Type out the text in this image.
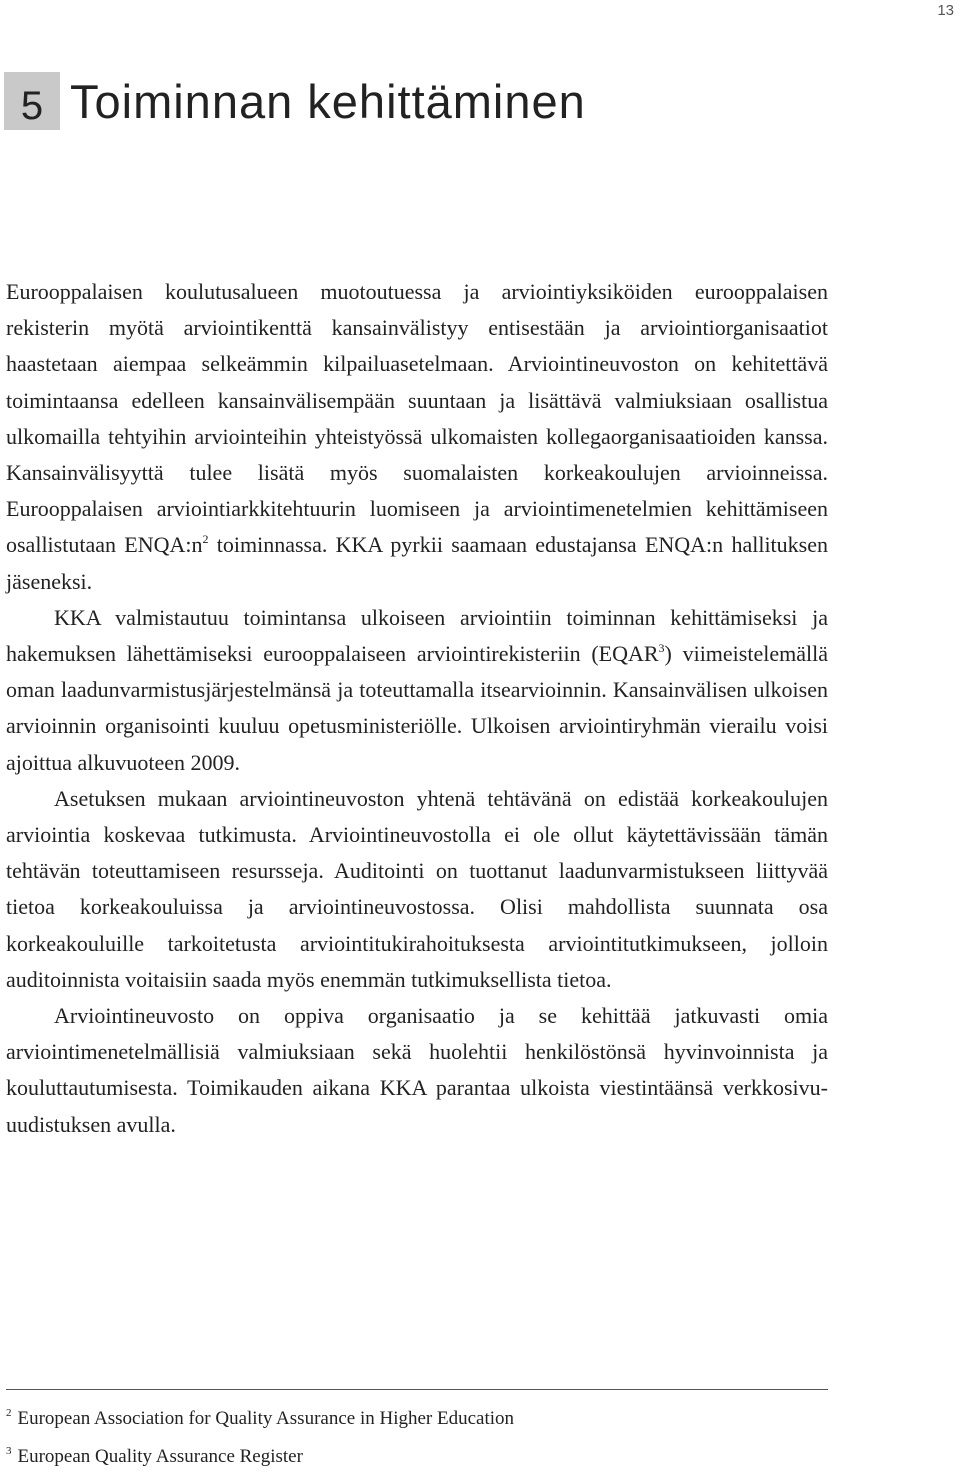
13
5 Toiminnan kehittäminen

Eurooppalaisen koulutusalueen muotoutuessa ja arviointiyksiköiden eurooppalaisen rekisterin myötä arviointikenttä kansainvälistyy entisestään ja arviointiorganisaatiot haastetaan aiempaa selkeämmin kilpailuasetelmaan. Arviointineuvoston on kehitettävä toimintaansa edelleen kansainvälisempään suuntaan ja lisättävä valmiuksiaan osallistua ulkomailla tehtyihin arviointeihin yhteistyössä ulkomaisten kollegaorganisaatioiden kanssa. Kansainvälisyyttä tulee lisätä myös suomalaisten korkeakoulujen arvioinneissa. Eurooppalaisen arviointiarkkitehtuurin luomiseen ja arviointimenetelmien kehittämiseen osallistutaan $ENQA:n^2$ toiminnassa. KKA pyrkii saamaan edustajansa ENQA:n hallituksen jäseneksi.

KKA valmistautuu toimintansa ulkoiseen arviointiin toiminnan kehittämiseksi ja hakemuksen lähettämiseksi eurooppalaiseen arviointirekisteriin (EQAR$^3$) viimeistelemällä oman laadunvarmistusjärjestelmänsä ja toteuttamalla itsearvioinnin. Kansainvälisen ulkoisen arvioinnin organisointi kuuluu opetusministeriölle. Ulkoisen arviointiryhmän vierailu voisi ajoittua alkuvuoteen 2009.

Asetuksen mukaan arviointineuvoston yhtenä tehtävänä on edistää korkeakoulujen arviointia koskevaa tutkimusta. Arviointineuvostolla ei ole ollut käytettävissään tämän tehtävän toteuttamiseen resursseja. Auditointi on tuottanut laadunvarmistukseen liittyvää tietoa korkeakouluissa ja arviointineuvostossa. Olisi mahdollista suunnata osa korkeakouluille tarkoitetusta arviointitukirahoituksesta arviointitutkimukseen, jolloin auditoinnista voitaisiin saada myös enemmän tutkimuksellista tietoa.

Arviointineuvosto on oppiva organisaatio ja se kehittää jatkuvasti omia arviointimenetelmällisiä valmiuksiaan sekä huolehtii henkilöstönsä hyvinvoinnista ja kouluttautumisesta. Toimikauden aikana KKA parantaa ulkoista viestintäänsä verkkosivu-uudistuksen avulla.

$^2$ European Association for Quality Assurance in Higher Education
$^3$ European Quality Assurance Register
